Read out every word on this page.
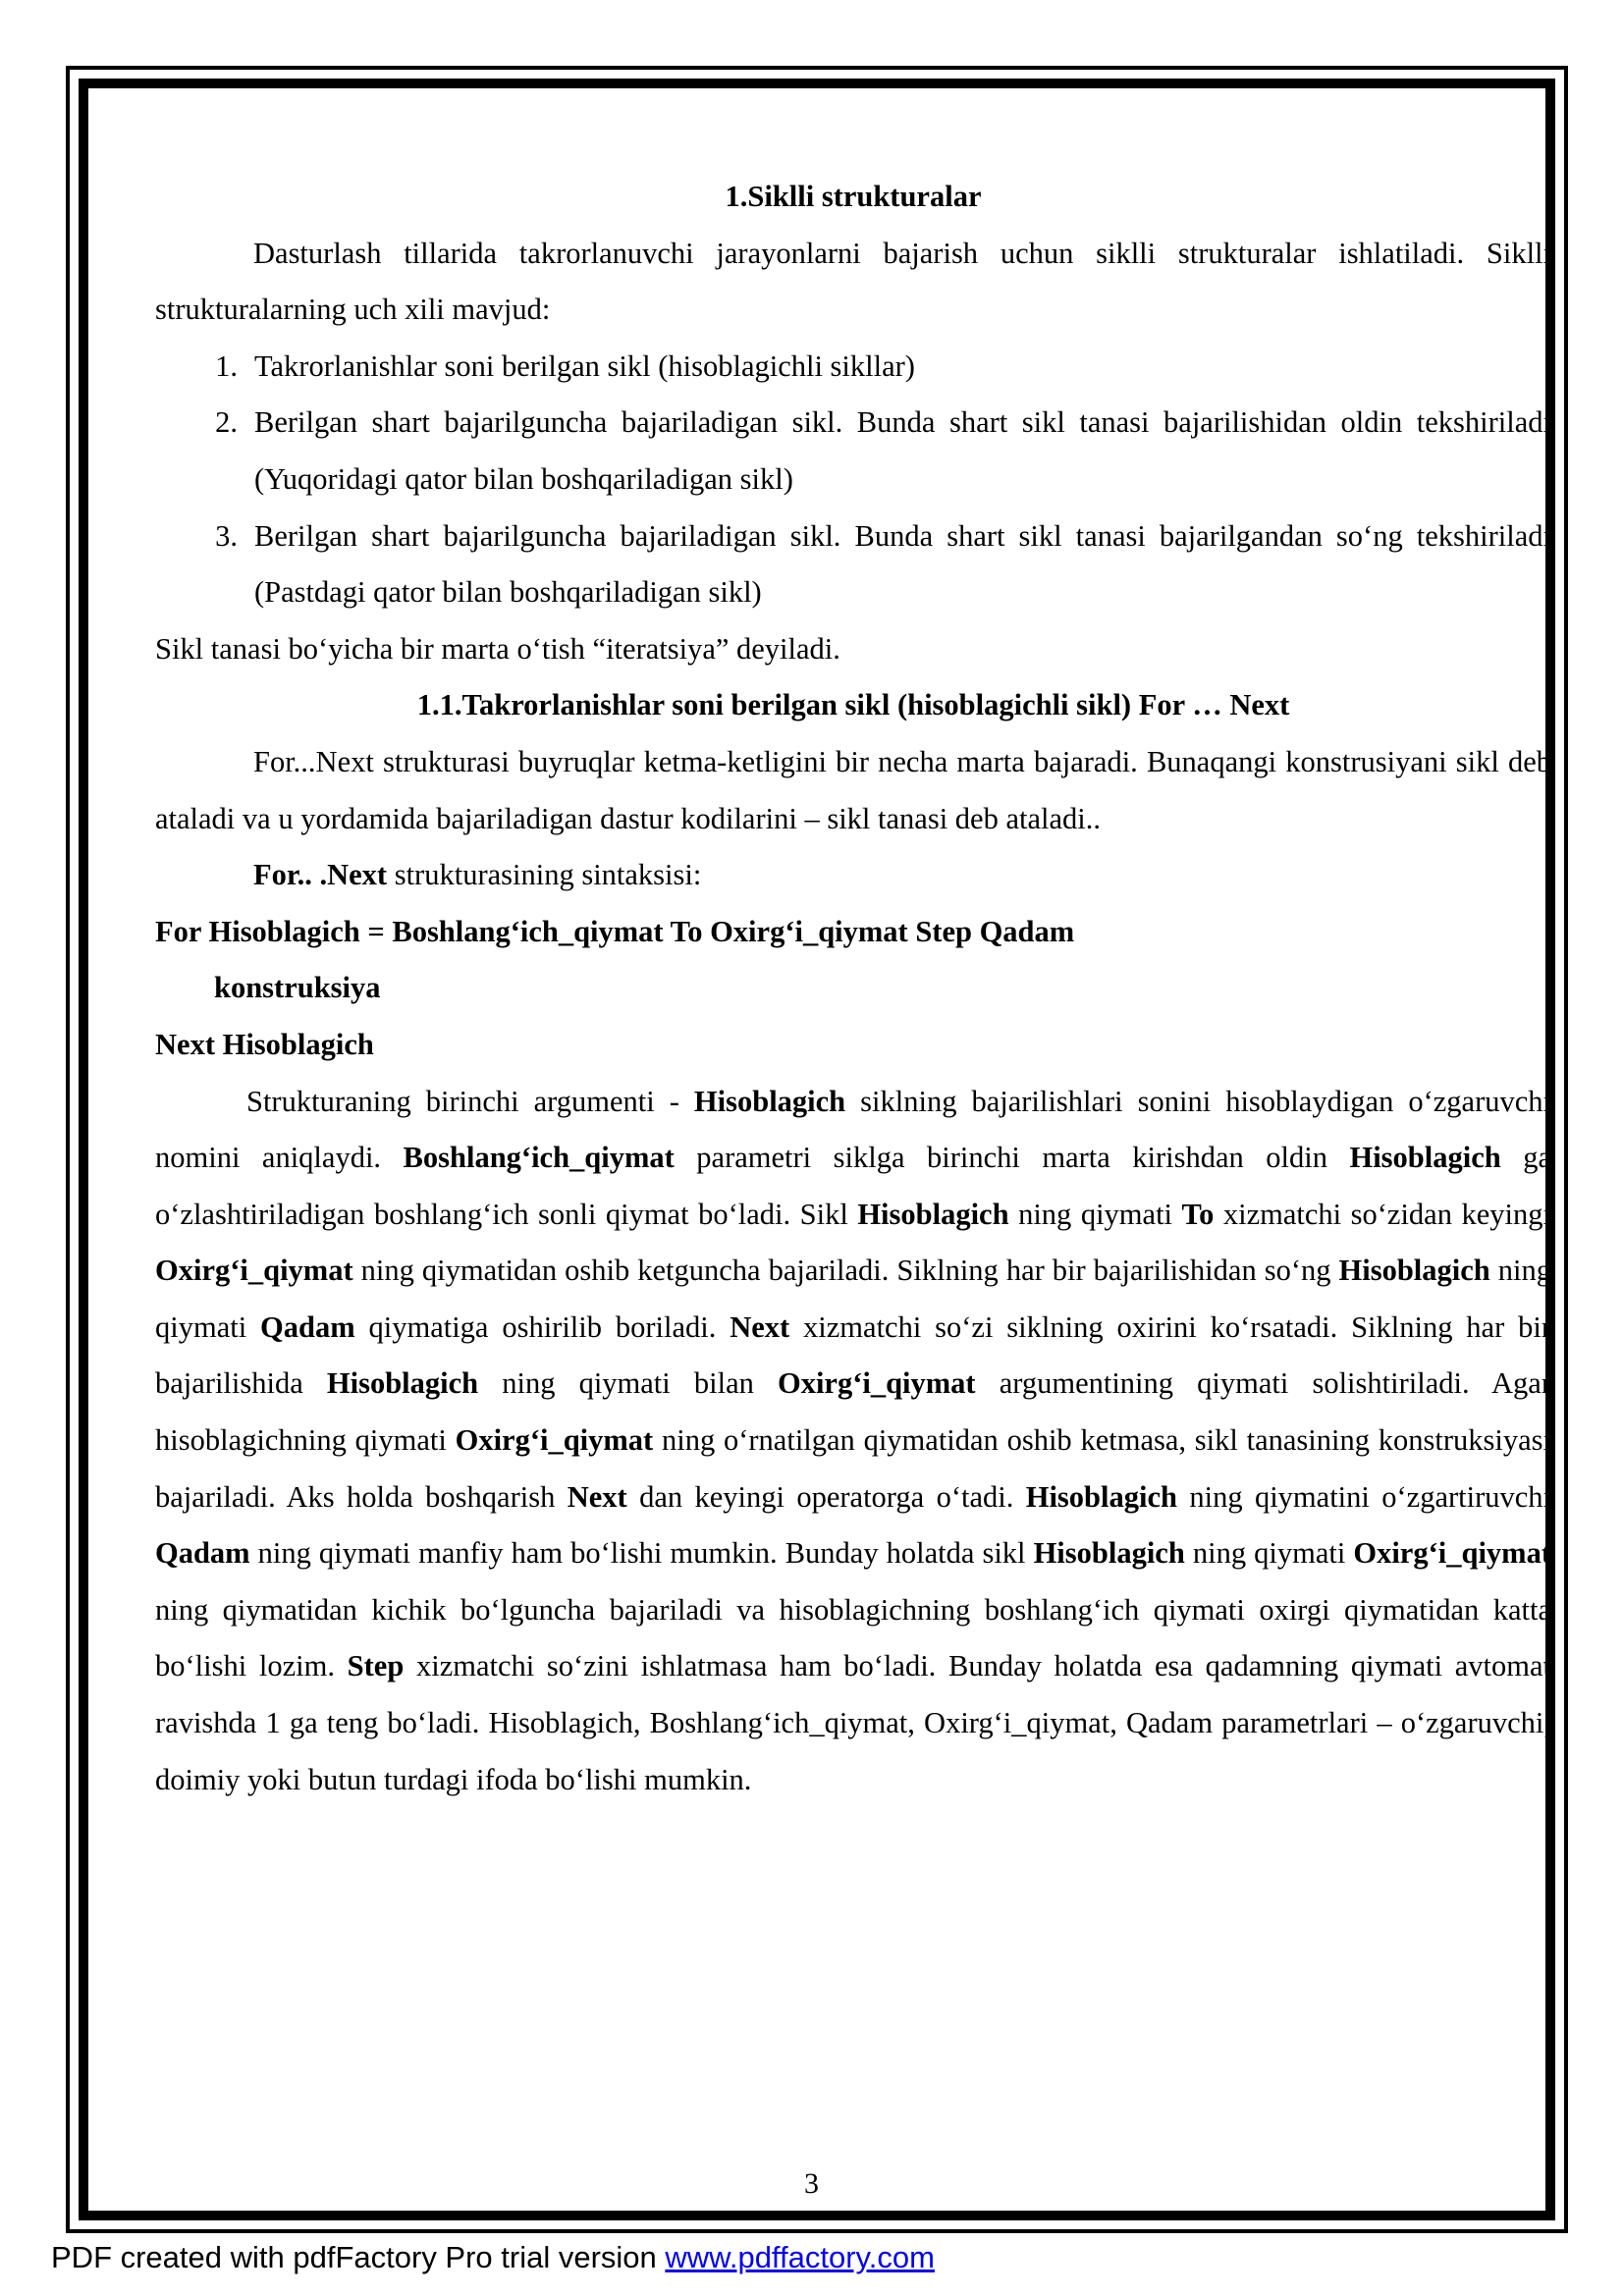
1.Siklli strukturalar

Dasturlash tillarida takrorlanuvchi jarayonlarni bajarish uchun siklli strukturalar ishlatiladi. Siklli strukturalarning uch xili mavjud:

1. Takrorlanishlar soni berilgan sikl (hisoblagichli sikllar)
2. Berilgan shart bajarilguncha bajariladigan sikl. Bunda shart sikl tanasi bajarilishidan oldin tekshiriladi (Yuqoridagi qator bilan boshqariladigan sikl)
3. Berilgan shart bajarilguncha bajariladigan sikl. Bunda shart sikl tanasi bajarilgandan so‘ng tekshiriladi (Pastdagi qator bilan boshqariladigan sikl)

Sikl tanasi bo‘yicha bir marta o‘tish “iteratsiya” deyiladi.

1.1.Takrorlanishlar soni berilgan sikl (hisoblagichli sikl) For … Next

For...Next strukturasi buyruqlar ketma-ketligini bir necha marta bajaradi. Bunaqangi konstrusiyani sikl deb ataladi va u yordamida bajariladigan dastur kodilarini – sikl tanasi deb ataladi..

For.. .Next strukturasining sintaksisi:

For Hisoblagich = Boshlang‘ich_qiymat To Oxirg‘i_qiymat Step Qadam

konstruksiya

Next Hisoblagich

Strukturaning birinchi argumenti - Hisoblagich siklning bajarilishlari sonini hisoblaydigan o‘zgaruvchi nomini aniqlaydi. Boshlang‘ich_qiymat parametri siklga birinchi marta kirishdan oldin Hisoblagich ga o‘zlashtiriladigan boshlang‘ich sonli qiymat bo‘ladi. Sikl Hisoblagich ning qiymati To xizmatchi so‘zidan keyingi Oxirg‘i_qiymat ning qiymatidan oshib ketguncha bajariladi. Siklning har bir bajarilishidan so‘ng Hisoblagich ning qiymati Qadam qiymatiga oshirilib boriladi. Next xizmatchi so‘zi siklning oxirini ko‘rsatadi. Siklning har bir bajarilishida Hisoblagich ning qiymati bilan Oxirg‘i_qiymat argumentining qiymati solishtiriladi. Agar hisoblagichning qiymati Oxirg‘i_qiymat ning o‘rnatilgan qiymatidan oshib ketmasa, sikl tanasining konstruksiyasi bajariladi. Aks holda boshqarish Next dan keyingi operatorga o‘tadi. Hisoblagich ning qiymatini o‘zgartiruvchi Qadam ning qiymati manfiy ham bo‘lishi mumkin. Bunday holatda sikl Hisoblagich ning qiymati Oxirg‘i_qiymat ning qiymatidan kichik bo‘lguncha bajariladi va hisoblagichning boshlang‘ich qiymati oxirgi qiymatidan katta bo‘lishi lozim. Step xizmatchi so‘zini ishlatmasa ham bo‘ladi. Bunday holatda esa qadamning qiymati avtomat ravishda 1 ga teng bo‘ladi. Hisoblagich, Boshlang‘ich_qiymat, Oxirg‘i_qiymat, Qadam parametrlari – o‘zgaruvchi, doimiy yoki butun turdagi ifoda bo‘lishi mumkin.

3
PDF created with pdfFactory Pro trial version www.pdffactory.com
